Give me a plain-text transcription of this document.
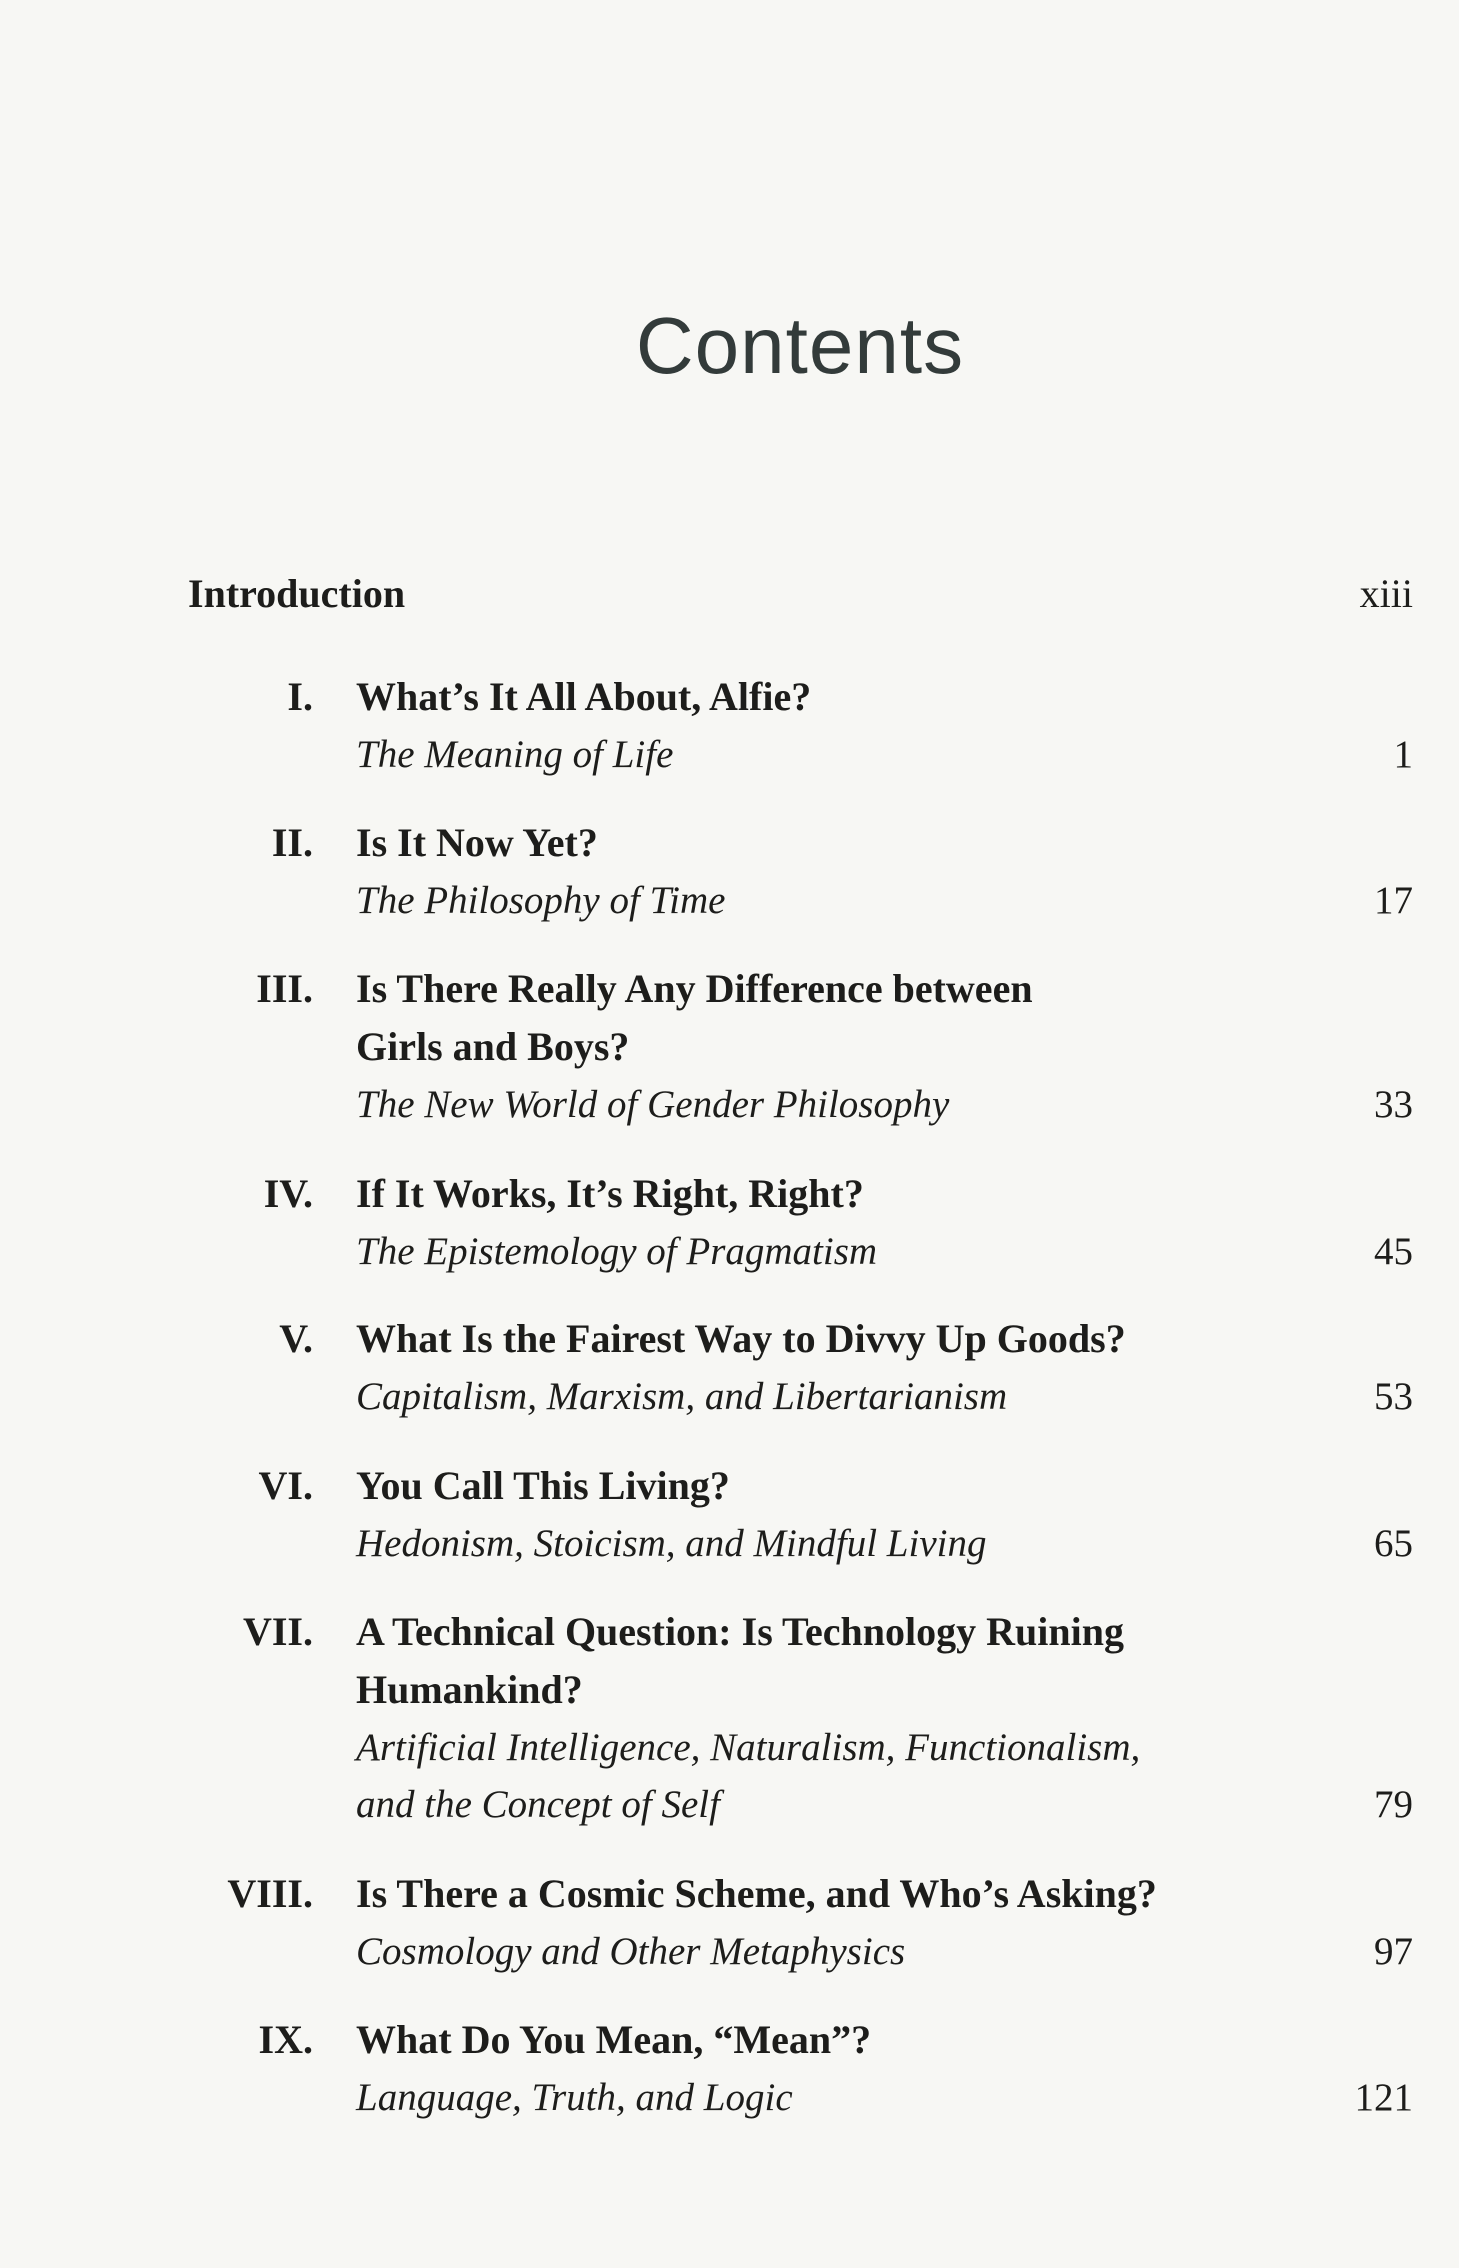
Contents
Introduction	xiii
I. What’s It All About, Alfie?
The Meaning of Life	1
II. Is It Now Yet?
The Philosophy of Time	17
III. Is There Really Any Difference between
Girls and Boys?
The New World of Gender Philosophy	33
IV. If It Works, It’s Right, Right?
The Epistemology of Pragmatism	45
V. What Is the Fairest Way to Divvy Up Goods?
Capitalism, Marxism, and Libertarianism	53
VI. You Call This Living?
Hedonism, Stoicism, and Mindful Living	65
VII. A Technical Question: Is Technology Ruining
Humankind?
Artificial Intelligence, Naturalism, Functionalism,
and the Concept of Self	79
VIII. Is There a Cosmic Scheme, and Who’s Asking?
Cosmology and Other Metaphysics	97
IX. What Do You Mean, “Mean”?
Language, Truth, and Logic	121
